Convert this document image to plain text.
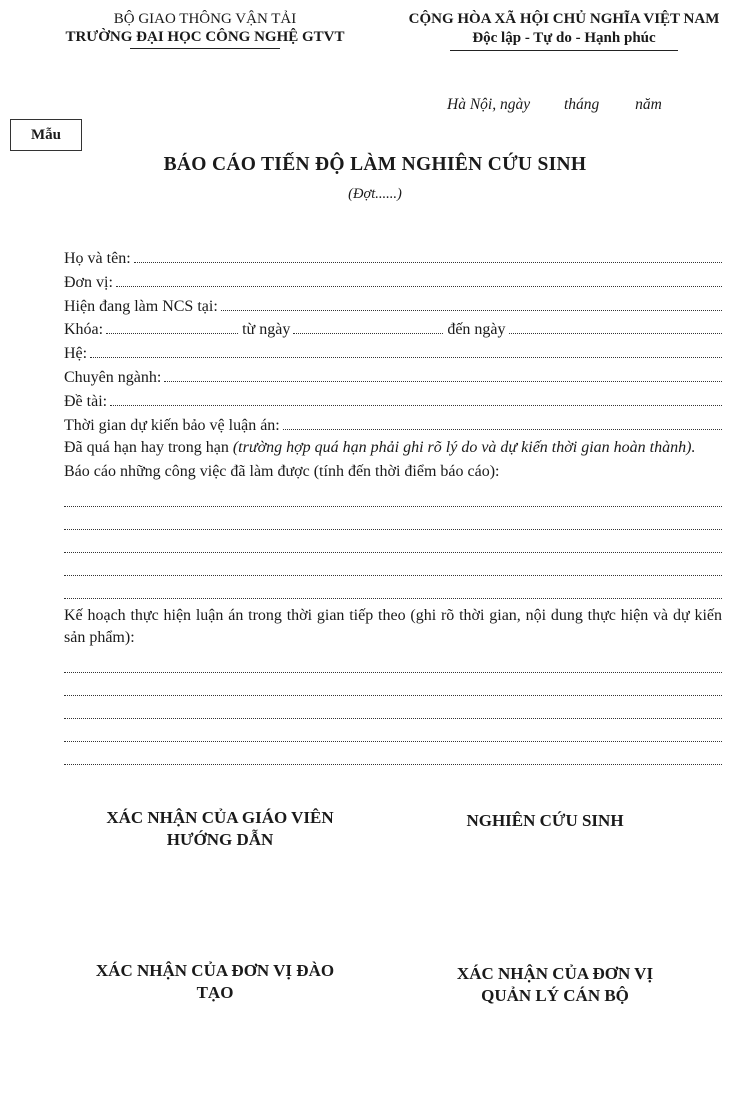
BỘ GIAO THÔNG VẬN TẢI
TRƯỜNG ĐẠI HỌC CÔNG NGHỆ GTVT
CỘNG HÒA XÃ HỘI CHỦ NGHĨA VIỆT NAM
Độc lập - Tự do - Hạnh phúc
Hà Nội, ngày tháng năm
Mẫu
BÁO CÁO TIẾN ĐỘ LÀM NGHIÊN CỨU SINH
(Đợt......)
Họ và tên:
Đơn vị:
Hiện đang làm NCS tại:
Khóa:	từ ngày	đến ngày
Hệ:
Chuyên ngành:
Đề tài:
Thời gian dự kiến bảo vệ luận án:
Đã quá hạn hay trong hạn (trường hợp quá hạn phải ghi rõ lý do và dự kiến thời gian hoàn thành).
Báo cáo những công việc đã làm được (tính đến thời điểm báo cáo):
Kế hoạch thực hiện luận án trong thời gian tiếp theo (ghi rõ thời gian, nội dung thực hiện và dự kiến sản phẩm):
XÁC NHẬN CỦA GIÁO VIÊN HƯỚNG DẪN
NGHIÊN CỨU SINH
XÁC NHẬN CỦA ĐƠN VỊ ĐÀO TẠO
XÁC NHẬN CỦA ĐƠN VỊ QUẢN LÝ CÁN BỘ
